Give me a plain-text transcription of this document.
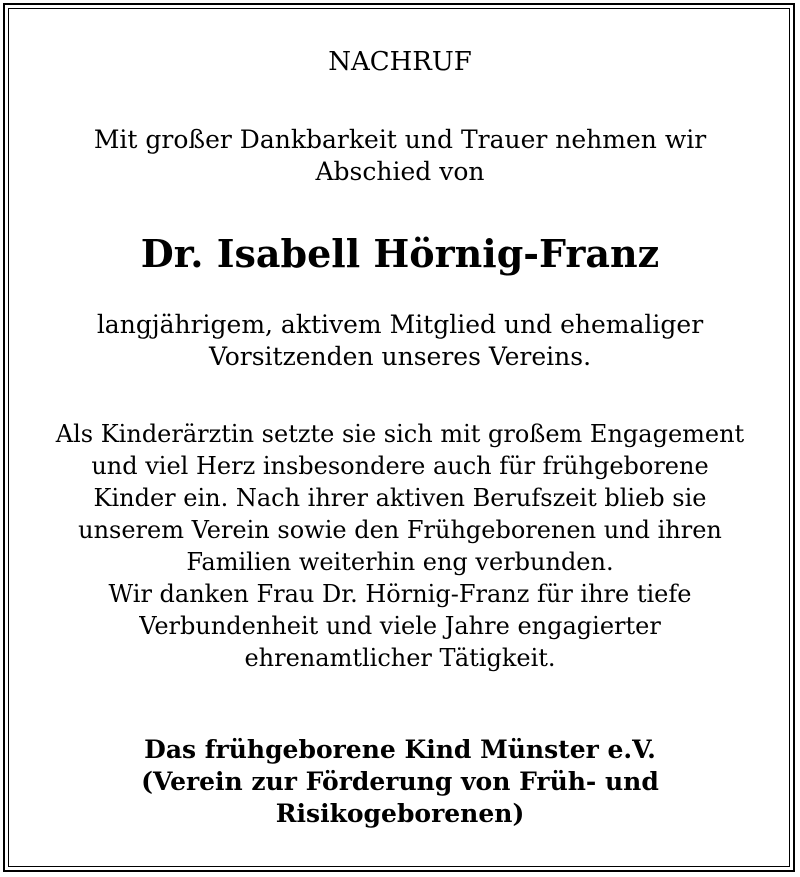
NACHRUF
Mit großer Dankbarkeit und Trauer nehmen wir
Abschied von
Dr. Isabell Hörnig-Franz
langjährigem, aktivem Mitglied und ehemaliger
Vorsitzenden unseres Vereins.
Als Kinderärztin setzte sie sich mit großem Engagement
und viel Herz insbesondere auch für frühgeborene
Kinder ein. Nach ihrer aktiven Berufszeit blieb sie
unserem Verein sowie den Frühgeborenen und ihren
Familien weiterhin eng verbunden.
Wir danken Frau Dr. Hörnig-Franz für ihre tiefe
Verbundenheit und viele Jahre engagierter
ehrenamtlicher Tätigkeit.
Das frühgeborene Kind Münster e.V.
(Verein zur Förderung von Früh- und
Risikogeborenen)
